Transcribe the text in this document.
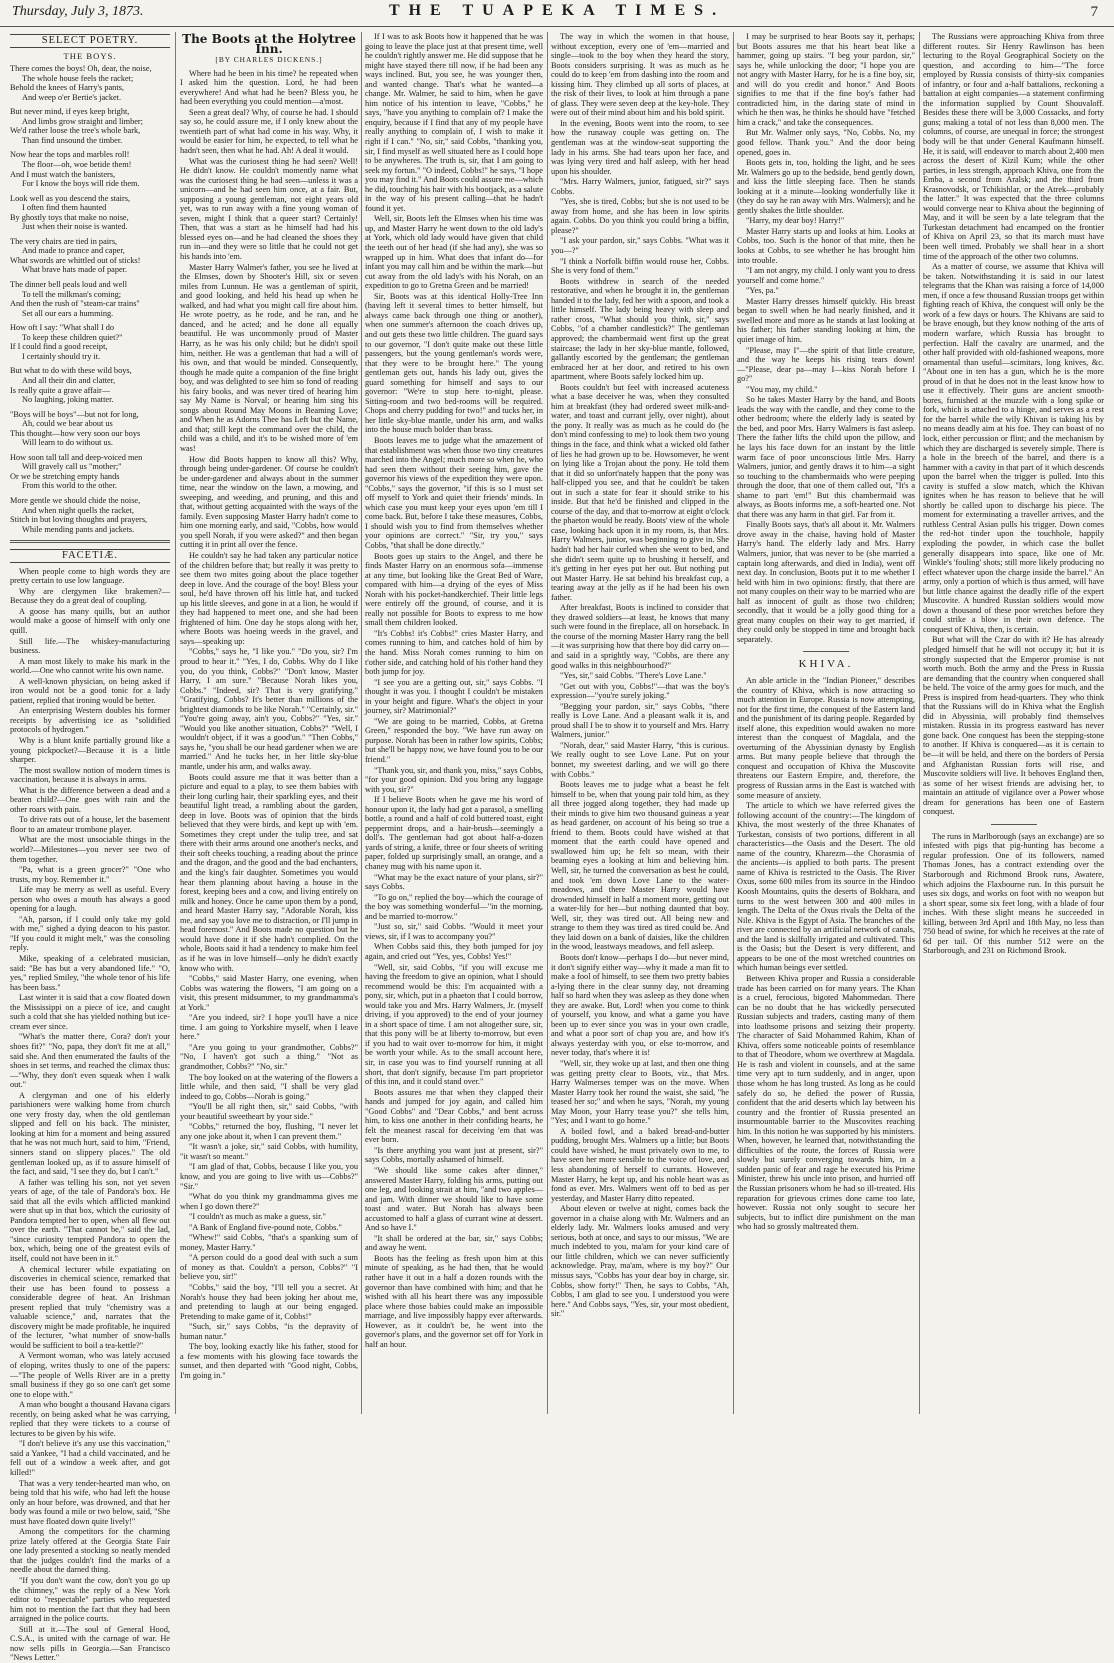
Thursday, July 3, 1873.	THE TUAPEKA TIMES.	7
SELECT POETRY.
THE BOYS.

There comes the boys! Oh, dear, the noise,
The whole house feels the racket;
Behold the knees of Harry's pants,
And weep o'er Bertie's jacket.

But never mind, if eyes keep bright,
And limbs grow straight and limber;
We'd rather loose the tree's whole bark,
Than find unsound the timber.

Now hear the tops and marbles roll!
The floor—oh, woe betide them!
And I must watch the banisters,
For I know the boys will ride them.

Look well as you descend the stairs,
I often find them haunted
By ghostly toys that make no noise,
Just when their noise is wanted.

The very chairs are tied in pairs,
And made to prance and caper,
What swords are whittled out of sticks!
What brave hats made of paper.

The dinner bell peals loud and well
To tell the milkman's coming;
And then the rush of "steam-car trains"
Set all our ears a humming.

How oft I say: "What shall I do
To keep these children quiet?"
If I could find a good receipt,
I certainly should try it.

But what to do with these wild boys,
And all their din and clatter,
Is really quite a grave affair—
No laughing, joking matter.

"Boys will be boys"—but not for long,
Ah, could we bear about us
This thought—how very soon our boys
Will learn to do without us.

How soon tall tall and deep-voiced men
Will gravely call us "mother;"
Or we be stretching empty hands
From this world to the other.

More gentle we should chide the noise,
And when night quells the racket,
Stitch in but loving thoughts and prayers,
While mending pants and jackets.

FACETIÆ.

When people come to high words they are pretty certain to use low language.

Why are clergymen like brakemen?—Because they do a great deal of coupling.

A goose has many quills, but an author would make a goose of himself with only one quill.

Still life.—The whiskey-manufacturing business.

A man most likely to make his mark in the world.—One who cannot write his own name.

A well-known physician, on being asked if iron would not be a good tonic for a lady patient, replied that ironing would be better.

An enterprising Western doubles his former receipts by advertising ice as "solidified protocols of hydrogen."

Why is a blunt knife partially ground like a young pickpocket?—Because it is a little sharper.

The most swallow notion of modern times is vaccination, because it is always in arms.

What is the difference between a dead and a beaten child?—One goes with rain and the other roars with pain.

To drive rats out of a house, let the basement floor to an amateur trombone player.

What are the most unsociable things in the world?—Milestones—you never see two of them together.

"Pa, what is a green grocer?" "One who trusts, my boy. Remember it."

Life may be merry as well as useful. Every person who owes a mouth has always a good opening for a laugh.

"Ah, parson, if I could only take my gold with me," sighed a dying deacon to his pastor. "If you could it might melt," was the consoling reply.

Mike, speaking of a celebrated musician, said: "Be has but a very abandoned life." "O, yes," replied Smiley, "the whole tenor of his life has been bass."

Last winter it is said that a cow floated down the Mississippi on a piece of ice, and caught such a cold that she has yielded nothing but ice-cream ever since.

"What's the matter there, Cora? don't your shoes fit?" "No, papa, they don't fit me at all," said she. And then enumerated the faults of the shoes in set terms, and reached the climax thus:—"Why, they don't even squeak when I walk out."

A clergyman and one of his elderly parishioners were walking home from church one very frosty day, when the old gentleman slipped and fell on his back. The minister, looking at him for a moment and being assured that he was not much hurt, said to him, "Friend, sinners stand on slippery places." The old gentleman looked up, as if to assure himself of the fact, and said, "I see they do, but I can't."

A father was telling his son, not yet seven years of age, of the tale of Pandora's box. He said that all the evils which afflicted mankind were shut up in that box, which the curiosity of Pandora tempted her to open, when all flew out over the earth. "That cannot be," said the lad, "since curiosity tempted Pandora to open the box, which, being one of the greatest evils of itself, could not have been in it."

A chemical lecturer while expatiating on discoveries in chemical science, remarked that their use has been found to possess a considerable degree of heat. An Irishman present replied that truly "chemistry was a valuable science," and, narrates that the discovery might be made profitable, he inquired of the lecturer, "what number of snow-balls would be sufficient to boil a tea-kettle?"

A Vermont woman, who was lately accused of eloping, writes thusly to one of the papers:—"The people of Wells River are in a pretty small business if they go so one can't get some one to elope with."

A man who bought a thousand Havana cigars recently, on being asked what he was carrying, replied that they were tickets to a course of lectures to be given by his wife.

"I don't believe it's any use this vaccination," said a Yankee, "I had a child vaccinated, and he fell out of a window a week after, and got killed!"

That was a very tender-hearted man who, on being told that his wife, who had left the house only an hour before, was drowned, and that her body was found a mile or two below, said, "She must have floated down quite lively!"

Among the competitors for the charming prize lately offered at the Georgia State Fair one lady presented a stocking so neatly mended that the judges couldn't find the marks of a needle about the darned thing.

"If you don't want the cow, don't you go up the chimney," was the reply of a New York editor to "respectable" parties who requested him not to mention the fact that they had been arraigned in the police courts.

Still at it.—The soul of General Hood, C.S.A., is united with the carnage of war. He now sells pills in Georgia.—San Francisco "News Letter."

The Boots at the Holytree Inn.
[BY CHARLES DICKENS.]

Where had he been in his time? he repeated when I asked him the question. Lord, he had been everywhere! And what had he been? Bless you, he had been everything you could mention—a'most.

Seen a great deal? Why, of course he had. I should say so, he could assure me, if I only knew about the twentieth part of what had come in his way. Why, it would be easier for him, he expected, to tell what he hadn't seen, then what he had. Ah! A deal it would.

What was the curiosest thing he had seen? Well! He didn't know. He couldn't momently name what was the curiosest thing he had seen—unless it was a unicorn—and he had seen him once, at a fair. But, supposing a young gentleman, not eight years old yet, was to run away with a fine young woman of seven, might I think that a queer start? Certainly! Then, that was a start as he himself had had his blessed eyes on—and he had cleaned the shoes they run in—and they were so little that he could not get his hands into 'em.

Master Harry Walmer's father, you see he lived at the Elmses, down by Shooter's Hill, six or seven miles from Lunnun. He was a gentleman of spirit, and good looking, and held his head up when he walked, and had what you might call fire about him. He wrote poetry, as he rode, and he ran, and he danced, and he acted; and he done all equally beautiful. He was uncommonly proud of Master Harry, as he was his only child; but he didn't spoil him, neither. He was a gentleman that had a will of his own, and that would be minded. Consequently, though he made quite a companion of the fine bright boy, and was delighted to see him so fond of reading his fairy books, and was never tired of hearing him say My Name is Norval; or hearing him sing his songs about Round May Moons in Beaming Love; and When he as Adorns Thee has Left but the Name, and that; still kept the command over the child, the child was a child, and it's to be wished more of 'em was!

How did Boots happen to know all this? Why, through being under-gardener. Of course he couldn't be under-gardener and always about in the summer time, near the window on the lawn, a mowing, and sweeping, and weeding, and pruning, and this and that, without getting acquainted with the ways of the family. Even supposing Master Harry hadn't come to him one morning early, and said, "Cobbs, how would you spell Norah, if you were asked?" and then began cutting it in print all over the fence.

He couldn't say he had taken any particular notice of the children before that; but really it was pretty to see them two mites going about the place together deep in love. And the courage of the boy! Bless your soul, he'd have thrown off his little hat, and tucked up his little sleeves, and gone in at a lion, he would if they had happened to meet one, and she had been frightened of him. One day he stops along with her, where Boots was hoeing weeds in the gravel, and says—speaking up:

"Cobbs," says he, "I like you." "Do you, sir? I'm proud to hear it." "Yes, I do, Cobbs. Why do I like you, do you think, Cobbs?" "Don't know, Master Harry, I am sure." "Because Norah likes you, Cobbs." "Indeed, sir? That is very gratifying." "Gratifying, Cobbs? It's better than millions of the brightest diamonds to be like Norah." "Certainly, sir." "You're going away, ain't you, Cobbs?" "Yes, sir." "Would you like another situation, Cobbs?" "Well, I wouldn't object, if it was a good'un." "Then Cobbs," says he, "you shall be our head gardener when we are married." And he tucks her, in her little sky-blue mantle, under his arm, and walks away.

Boots could assure me that it was better than a picture and equal to a play, to see them babies with their long curling hair, their sparkling eyes, and their beautiful light tread, a rambling about the garden, deep in love. Boots was of opinion that the birds believed that they were birds, and kept up with 'em. Sometimes they crept under the tulip tree, and sat there with their arms around one another's necks, and their soft cheeks touching, a reading about the prince and the dragon, and the good and the bad enchanters, and the king's fair daughter. Sometimes you would hear them planning about having a house in the forest, keeping bees and a cow, and living entirely on milk and honey. Once he came upon them by a pond, and heard Master Harry say, "Adorable Norah, kiss me, and say you love me to distraction, or I'll jump in head foremost." And Boots made no question but he would have done it if she hadn't complied. On the whole, Boots said it had a tendency to make him feel as if he was in love himself—only he didn't exactly know who with.

"Cobbs," said Master Harry, one evening, when Cobbs was watering the flowers, "I am going on a visit, this present midsummer, to my grandmamma's at York."

"Are you indeed, sir? I hope you'll have a nice time. I am going to Yorkshire myself, when I leave here."

"Are you going to your grandmother, Cobbs?" "No, I haven't got such a thing." "Not as grandmother, Cobbs?" "No, sir."

The boy looked on at the watering of the flowers a little while, and then said, "I shall be very glad indeed to go, Cobbs—Norah is going."

"You'll be all right then, sir," said Cobbs, "with your beautiful sweetheart by your side."

"Cobbs," returned the boy, flushing, "I never let any one joke about it, when I can prevent them."

"It wasn't a joke, sir," said Cobbs, with humility, "it wasn't so meant."

"I am glad of that, Cobbs, because I like you, you know, and you are going to live with us—Cobbs?" "Sir."

"What do you think my grandmamma gives me when I go down there?"

"I couldn't as much as make a guess, sir."

"A Bank of England five-pound note, Cobbs."

"Whew!" said Cobbs, "that's a spanking sum of money, Master Harry."

"A person could do a good deal with such a sum of money as that. Couldn't a person, Cobbs?" "I believe you, sir!"

"Cobbs," said the boy, "I'll tell you a secret. At Norah's house they had been joking her about me, and pretending to laugh at our being engaged. Pretending to make game of it, Cobbs!"

"Such, sir," says Cobbs, "is the depravity of human natur."

The boy, looking exactly like his father, stood for a few moments with his glowing face towards the sunset, and then departed with "Good night, Cobbs, I'm going in."

If I was to ask Boots how it happened that he was going to leave the place just at that present time, well he couldn't rightly answer me. He did suppose that he might have stayed there till now, if he had been any ways inclined. But, you see, he was younger then, and wanted change. That's what he wanted—a change. Mr. Walmer, he said to him, when he gave him notice of his intention to leave, "Cobbs," he says, "have you anything to complain of? I make the enquiry, because if I find that any of my people have really anything to complain of, I wish to make it right if I can." "No, sir," said Cobbs, "thanking you, sir, I find myself as well situated here as I could hope to be anywheres. The truth is, sir, that I am going to seek my fortun." "O indeed, Cobbs!" he says, "I hope you may find it." And Boots could assure me—which he did, touching his hair with his bootjack, as a salute in the way of his present calling—that he hadn't found it yet.

Well, sir, Boots left the Elmses when his time was up, and Master Harry he went down to the old lady's at York, which old lady would have given that child the teeth out of her head (if she had any), she was so wrapped up in him. What does that infant do—for infant you may call him and be within the mark—but cut away from the old lady's with his Norah, on an expedition to go to Gretna Green and be married!

Sir, Boots was at this identical Holly-Tree Inn (having left it several times to better himself, but always came back through one thing or another), when one summer's afternoon the coach drives up, and out gets these two little children. The guard says to our governor, "I don't quite make out these little passengers, but the young gentleman's words were, that they were to be brought here." The young gentleman gets out, hands his lady out, gives the guard something for himself and says to our governor: "We're to stop here to-night, please. Sitting-room and two bed-rooms will be required. Chops and cherry pudding for two!" and tucks her, in her little sky-blue mantle, under his arm, and walks into the house much bolder than brass.

Boots leaves me to judge what the amazement of that establishment was when those two tiny creatures marched into the Angel; much more so when he, who had seen them without their seeing him, gave the governor his views of the expedition they were upon. "Cobbs," says the governor, "if this is so I must set off myself to York and quiet their friends' minds. In which case you must keep your eyes upon 'em till I come back. But, before I take these measures, Cobbs, I should wish you to find from themselves whether your opinions are correct." "Sir, try you," says Cobbs, "that shall be done directly."

Boots goes up stairs to the Angel, and there he finds Master Harry on an enormous sofa—immense at any time, but looking like the Great Bed of Ware, compared with him—a drying of the eyes of Miss Norah with his pocket-handkerchief. Their little legs were entirely off the ground, of course, and it is really not possible for Boots to express to me how small them children looked.

"It's Cobbs! it's Cobbs!" cries Master Harry, and comes running to him, and catches hold of him by the hand. Miss Norah comes running to him on t'other side, and catching hold of his t'other hand they both jump for joy.

"I see you are a getting out, sir," says Cobbs. "I thought it was you. I thought I couldn't be mistaken in your height and figure. What's the object in your journey, sir? Matrimonial?"

"We are going to be married, Cobbs, at Gretna Green," responded the boy. "We have run away on purpose. Norah has been in rather low spirits, Cobbs; but she'll be happy now, we have found you to be our friend."

"Thank you, sir, and thank you, miss," says Cobbs, "for your good opinion. Did you bring any luggage with you, sir?"

If I believe Boots when he gave me his word of honour upon it, the lady had got a parasol, a smelling bottle, a round and a half of cold buttered toast, eight peppermint drops, and a hair-brush—seemingly a doll's. The gentleman had got about half-a-dozen yards of string, a knife, three or four sheets of writing paper, folded up surprisingly small, an orange, and a chaney mug with his name upon it.

"What may be the exact nature of your plans, sir?" says Cobbs.

"To go on," replied the boy—which the courage of the boy was something wonderful—"in the morning, and be married to-morrow."

"Just so, sir," said Cobbs. "Would it meet your views, sir, if I was to accompany you?"

When Cobbs said this, they both jumped for joy again, and cried out "Yes, yes, Cobbs! Yes!"

"Well, sir, said Cobbs, "if you will excuse me having the freedom to give an opinion, what I should recommend would be this: I'm acquainted with a pony, sir, which, put in a phaeton that I could borrow, would take you and Mrs. Harry Walmers, Jr. (myself driving, if you approved) to the end of your journey in a short space of time. I am not altogether sure, sir, that this pony will be at liberty to-morrow, but even if you had to wait over to-morrow for him, it might be worth your while. As to the small account here, sir, in case you was to find yourself running at all short, that don't signify, because I'm part proprietor of this inn, and it could stand over."

Boots assures me that when they clapped their hands and jumped for joy again, and called him "Good Cobbs" and "Dear Cobbs," and bent across him, to kiss one another in their confiding hearts, he felt the meanest rascal for deceiving 'em that was ever born.

"Is there anything you want just at present, sir?" says Cobbs, mortally ashamed of himself.

"We should like some cakes after dinner," answered Master Harry, folding his arms, putting out one leg, and looking strait at him, "and two apples—and jam. With dinner we should like to have some toast and water. But Norah has always been accustomed to half a glass of currant wine at dessert. And so have I."

"It shall be ordered at the bar, sir," says Cobbs; and away he went.

Boots has the feeling as fresh upon him at this minute of speaking, as he had then, that he would rather have it out in a half a dozen rounds with the governor than have combined with him; and that he wished with all his heart there was any impossible place where those babies could make an impossible marriage, and live impossibly happy ever afterwards. However, as it couldn't be, he went into the governor's plans, and the governor set off for York in half an hour.

The way in which the women in that house, without exception, every one of 'em—married and single—took to the boy when they heard the story, Boots considers surprising. It was as much as he could do to keep 'em from dashing into the room and kissing him. They climbed up all sorts of places, at the risk of their lives, to look at him through a pane of glass. They were seven deep at the key-hole. They were out of their mind about him and his bold spirit.

In the evening, Boots went into the room, to see how the runaway couple was getting on. The gentleman was at the window-seat supporting the lady in his arms. She had tears upon her face, and was lying very tired and half asleep, with her head upon his shoulder.

"Mrs. Harry Walmers, junior, fatigued, sir?" says Cobbs.

"Yes, she is tired, Cobbs; but she is not used to be away from home, and she has been in low spirits again. Cobbs. Do you think you could bring a biffin, please?"

"I ask your pardon, sir," says Cobbs. "What was it you—?"

"I think a Norfolk biffin would rouse her, Cobbs. She is very fond of them."

Boots withdrew in search of the needed restorative, and when he brought it in, the gentleman handed it to the lady, fed her with a spoon, and took a little himself. The lady being heavy with sleep and rather cross, "What should you think, sir," says Cobbs, "of a chamber candlestick?" The gentleman approved; the chambermaid went first up the great staircase; the lady in her sky-blue mantle, followed, gallantly escorted by the gentleman; the gentleman embraced her at her door, and retired to his own apartment, where Boots safely locked him up.

Boots couldn't but feel with increased acuteness what a base deceiver he was, when they consulted him at breakfast (they had ordered sweet milk-and-water, and toast and currant jelly, over night), about the pony. It really was as much as he could do (he don't mind confessing to me) to look them two young things in the face, and think what a wicked old father of lies he had grown up to be. Howsomever, he went on lying like a Trojan about the pony. He told them that it did so unfort'nately happen that the pony was half-clipped you see, and that he couldn't be taken out in such a state for fear it should strike to his inside. But that he'd be finished and clipped in the course of the day, and that to-morrow at eight o'clock the phaeton would be ready. Boots' view of the whole case, looking back upon it in my room, is, that Mrs. Harry Walmers, junior, was beginning to give in. She hadn't had her hair curled when she went to bed, and she didn't seem quite up to brushing it herself, and it's getting in her eyes put her out. But nothing put out Master Harry. He sat behind his breakfast cup, a tearing away at the jelly as if he had been his own father.

After breakfast, Boots is inclined to consider that they drawed soldiers—at least, he knows that many such were found in the fireplace, all on horseback. In the course of the morning Master Harry rang the bell—it was surprising how that there boy did carry on—and said in a sprightly way, "Cobbs, are there any good walks in this neighbourhood?"

"Yes, sir," said Cobbs. "There's Love Lane."

"Get out with you, Cobbs!"—that was the boy's expression—"you're surely joking."

"Begging your pardon, sir," says Cobbs, "there really is Love Lane. And a pleasant walk it is, and proud shall I be to show it to yourself and Mrs. Harry Walmers, junior."

"Norah, dear," said Master Harry, "this is curious. We really ought to see Love Lane. Put on your bonnet, my sweetest darling, and we will go there with Cobbs."

Boots leaves me to judge what a beast he felt himself to be, when that young pair told him, as they all three jogged along together, they had made up their minds to give him two thousand guineas a year as head gardener, on account of his being so true a friend to them. Boots could have wished at that moment that the earth could have opened and swallowed him up; he felt so mean, with their beaming eyes a looking at him and believing him. Well, sir, he turned the conversation as best he could, and took 'em down Love Lane to the water-meadows, and there Master Harry would have drownded himself in half a moment more, getting out a water-lily for her—but nothing daunted that boy. Well, sir, they was tired out. All being new and strange to them they was tired as tired could be. And they laid down on a bank of daisies, like the children in the wood, leastways meadows, and fell asleep.

Boots don't know—perhaps I do—but never mind, it don't signify either way—why it made a man fit to make a fool of himself, to see them two pretty babies a-lying there in the clear sunny day, not dreaming half so hard when they was asleep as they done when they are awake. But, Lord! when you come to think of yourself, you know, and what a game you have been up to ever since you was in your own cradle, and what a poor sort of chap you are, and how it's always yesterday with you, or else to-morrow, and never today, that's where it is!

"Well, sir, they woke up at last, and then one thing was getting pretty clear to Boots, viz., that Mrs. Harry Walmerses temper was on the move. When Master Harry took her round the waist, she said, "he teased her so;" and when he says, "Norah, my young May Moon, your Harry tease you?" she tells him, "Yes; and I want to go home."

A boiled fowl, and a baked bread-and-butter pudding, brought Mrs. Walmers up a little; but Boots could have wished, he must privately own to me, to have seen her more sensible to the voice of love, and less abandoning of herself to currants. However, Master Harry, he kept up, and his noble heart was as fond as ever. Mrs. Walmers went off to bed as per yesterday, and Master Harry ditto repeated.

About eleven or twelve at night, comes back the governor in a chaise along with Mr. Walmers and an elderly lady. Mr. Walmers looks amused and very serious, both at once, and says to our missus, "We are much indebted to you, ma'am for your kind care of our little children, which we can never sufficiently acknowledge. Pray, ma'am, where is my boy?" Our missus says, "Cobbs has your dear boy in charge, sir. Cobbs, show forty!" Then, he says to Cobbs, "Ah, Cobbs, I am glad to see you. I understood you were here." And Cobbs says, "Yes, sir, your most obedient, sir."

I may be surprised to hear Boots say it, perhaps; but Boots assures me that his heart beat like a hammer, going up stairs. "I beg your pardon, sir," says he, while unlocking the door; "I hope you are not angry with Master Harry, for he is a fine boy, sir, and will do you credit and honor." And Boots signifies to me that if the fine boy's father had contradicted him, in the daring state of mind in which he then was, he thinks he should have "fetched him a crack," and take the consequences.

But Mr. Walmer only says, "No, Cobbs. No, my good fellow. Thank you." And the door being opened, goes in.

Boots gets in, too, holding the light, and he sees Mr. Walmers go up to the bedside, bend gently down, and kiss the little sleeping face. Then he stands looking at it a minute—looking wonderfully like it (they do say he ran away with Mrs. Walmers); and he gently shakes the little shoulder.

"Harry, my dear boy! Harry!"

Master Harry starts up and looks at him. Looks at Cobbs, too. Such is the honor of that mite, then he looks at Cobbs, to see whether he has brought him into trouble.

"I am not angry, my child. I only want you to dress yourself and come home."

"Yes, pa."

Master Harry dresses himself quickly. His breast began to swell when he had nearly finished, and it swelled more and more as he stands at last looking at his father; his father standing looking at him, the quiet image of him.

"Please, may I"—the spirit of that little creature, and the way he keeps his rising tears down!—"Please, dear pa—may I—kiss Norah before I go?"

"You may, my child."

So he takes Master Harry by the hand, and Boots leads the way with the candle, and they come to the other bedroom; where the elderly lady is seated by the bed, and poor Mrs. Harry Walmers is fast asleep. There the father lifts the child upon the pillow, and he lays his face down for an instant by the little warm face of poor unconscious little Mrs. Harry Walmers, junior, and gently draws it to him—a sight so touching to the chambermaids who were peeping through the door, that one of them called out, "It's a shame to part 'em!" But this chambermaid was always, as Boots informs me, a soft-hearted one. Not that there was any harm in that girl. Far from it.

Finally Boots says, that's all about it. Mr. Walmers drove away in the chaise, having hold of Master Harry's hand. The elderly lady and Mrs. Harry Walmers, junior, that was never to be (she married a captain long afterwards, and died in India), went off next day. In conclusion, Boots put it to me whether I held with him in two opinions: firstly, that there are not many couples on their way to be married who are half as innocent of guilt as those two children; secondly, that it would be a jolly good thing for a great many couples on their way to get married, if they could only be stopped in time and brought back separately.

KHIVA.

An able article in the "Indian Pioneer," describes the country of Khiva, which is now attracting so much attention in Europe. Russia is now attempting, not for the first time, the conquest of the Eastern land and the punishment of its daring people. Regarded by itself alone, this expedition would awaken no more interest than the conquest of Magdala, and the overturning of the Abyssinian dynasty by English arms. But many people believe that through the conquest and occupation of Khiva the Muscovite threatens our Eastern Empire, and, therefore, the progress of Russian arms in the East is watched with some measure of anxiety.

The article to which we have referred gives the following account of the country:—The kingdom of Khiva, the most westerly of the three Khanates of Turkestan, consists of two portions, different in all characteristics—the Oasis and the Desert. The old name of the country, Kharezm—the Chorasmia of the ancients—is applied to both parts. The present name of Khiva is restricted to the Oasis. The River Oxus, some 600 miles from its source in the Hindoo Koosh Mountains, quits the deserts of Bokhara, and turns to the west between 300 and 400 miles in length. The Delta of the Oxus rivals the Delta of the Nile. Khiva is the Egypt of Asia. The branches of the river are connected by an artificial network of canals, and the land is skilfully irrigated and cultivated. This is the Oasis; but the Desert is very different, and appears to be one of the most wretched countries on which human beings ever settled.

Between Khiva proper and Russia a considerable trade has been carried on for many years. The Khan is a cruel, ferocious, bigoted Mahommedan. There can be no doubt that he has wickedly persecuted Russian subjects and traders, casting many of them into loathsome prisons and seizing their property. The character of Said Mohammed Rahim, Khan of Khiva, offers some noticeable points of resemblance to that of Theodore, whom we overthrew at Magdala. He is rash and violent in counsels, and at the same time very apt to turn suddenly, and in anger, upon those whom he has long trusted. As long as he could safely do so, he defied the power of Russia, confident that the arid deserts which lay between his country and the frontier of Russia presented an insurmountable barrier to the Muscovites reaching him. In this notion he was supported by his ministers. When, however, he learned that, notwithstanding the difficulties of the route, the forces of Russia were slowly but surely converging towards him, in a sudden panic of fear and rage he executed his Prime Minister, threw his uncle into prison, and hurried off the Russian prisoners whom he had so ill-treated. His reparation for grievous crimes done came too late, however. Russia not only sought to secure her subjects, but to inflict dire punishment on the man who had so grossly maltreated them.

The Russians were approaching Khiva from three different routes. Sir Henry Rawlinson has been lecturing to the Royal Geographical Society on the question, and according to him—"The force employed by Russia consists of thirty-six companies of infantry, or four and a-half battalions, reckoning a battalion at eight companies—a statement confirming the information supplied by Count Shouvaloff. Besides these there will be 3,000 Cossacks, and forty guns; making a total of not less than 8,000 men. The columns, of course, are unequal in force; the strongest body will be that under General Kaufmann himself. He, it is said, will endeavor to march about 2,400 men across the desert of Kizil Kum; while the other parties, in less strength, approach Khiva, one from the Emba, a second from Aralsk; and the third from Krasnovodsk, or Tchikishlar, or the Atrek—probably the latter." It was expected that the three columns would converge near to Khiva about the beginning of May, and it will be seen by a late telegram that the Turkestan detachment had encamped on the frontier of Khiva on April 23, so that its march must have been well timed. Probably we shall hear in a short time of the approach of the other two columns.

As a matter of course, we assume that Khiva will be taken. Notwithstanding it is said in our latest telegrams that the Khan was raising a force of 14,000 men, if once a few thousand Russian troops get within fighting reach of Khiva, the conquest will only be the work of a few days or hours. The Khivans are said to be brave enough, but they know nothing of the arts of modern warfare, which Russia has brought to perfection. Half the cavalry are unarmed, and the other half provided with old-fashioned weapons, more ornamental than useful—scimitars, long knives, &c. "About one in ten has a gun, which he is the more proud of in that he does not in the least know how to use it effectively. Their guns are ancient smooth-bores, furnished at the muzzle with a long spike or fork, which is attached to a hinge, and serves as a rest for the barrel while the wily Khivan is taking his by no means deadly aim at his foe. They can boast of no lock, either percussion or flint; and the mechanism by which they are discharged is severely simple. There is a hole in the breech of the barrel, and there is a hammer with a cavity in that part of it which descends upon the barrel when the trigger is pulled. Into this cavity is stuffed a slow match, which the Khivan ignites when he has reason to believe that he will shortly be called upon to discharge his piece. The moment for exterminating a traveller arrives, and the ruthless Central Asian pulls his trigger. Down comes the red-hot tinder upon the touchhole, happily exploding the powder, in which case the bullet generally disappears into space, like one of Mr. Winkle's 'fouling' shots; still more likely producing no effect whatever upon the charge inside the barrel." An army, only a portion of which is thus armed, will have but little chance against the deadly rifle of the expert Muscovite. A hundred Russian soldiers would mow down a thousand of these poor wretches before they could strike a blow in their own defence. The conquest of Khiva, then, is certain.

But what will the Czar do with it? He has already pledged himself that he will not occupy it; but it is strongly suspected that the Emperor promise is not worth much. Both the army and the Press in Russia are demanding that the country when conquered shall be held. The voice of the army goes for much, and the Press is inspired from head-quarters. They who think that the Russians will do in Khiva what the English did in Abyssinia, will probably find themselves mistaken. Russia in its progress eastward has never gone back. One conquest has been the stepping-stone to another. If Khiva is conquered—as it is certain to be—it will be held, and there on the borders of Persia and Afghanistan Russian forts will rise, and Muscovite soldiers will live. It behoves England then, as some of her wisest friends are advising her, to maintain an attitude of vigilance over a Power whose dream for generations has been one of Eastern conquest.

The runs in Marlborough (says an exchange) are so infested with pigs that pig-hunting has become a regular profession. One of its followers, named Thomas Jones, has a contract extending over the Starborough and Richmond Brook runs, Awatere, which adjoins the Flaxbourne run. In this pursuit he uses six dogs, and works on foot with no weapon but a short spear, some six feet long, with a blade of four inches. With these slight means he succeeded in killing, between 3rd April and 18th May, no less than 750 head of swine, for which he receives at the rate of 6d per tail. Of this number 512 were on the Starborough, and 231 on Richmond Brook.
